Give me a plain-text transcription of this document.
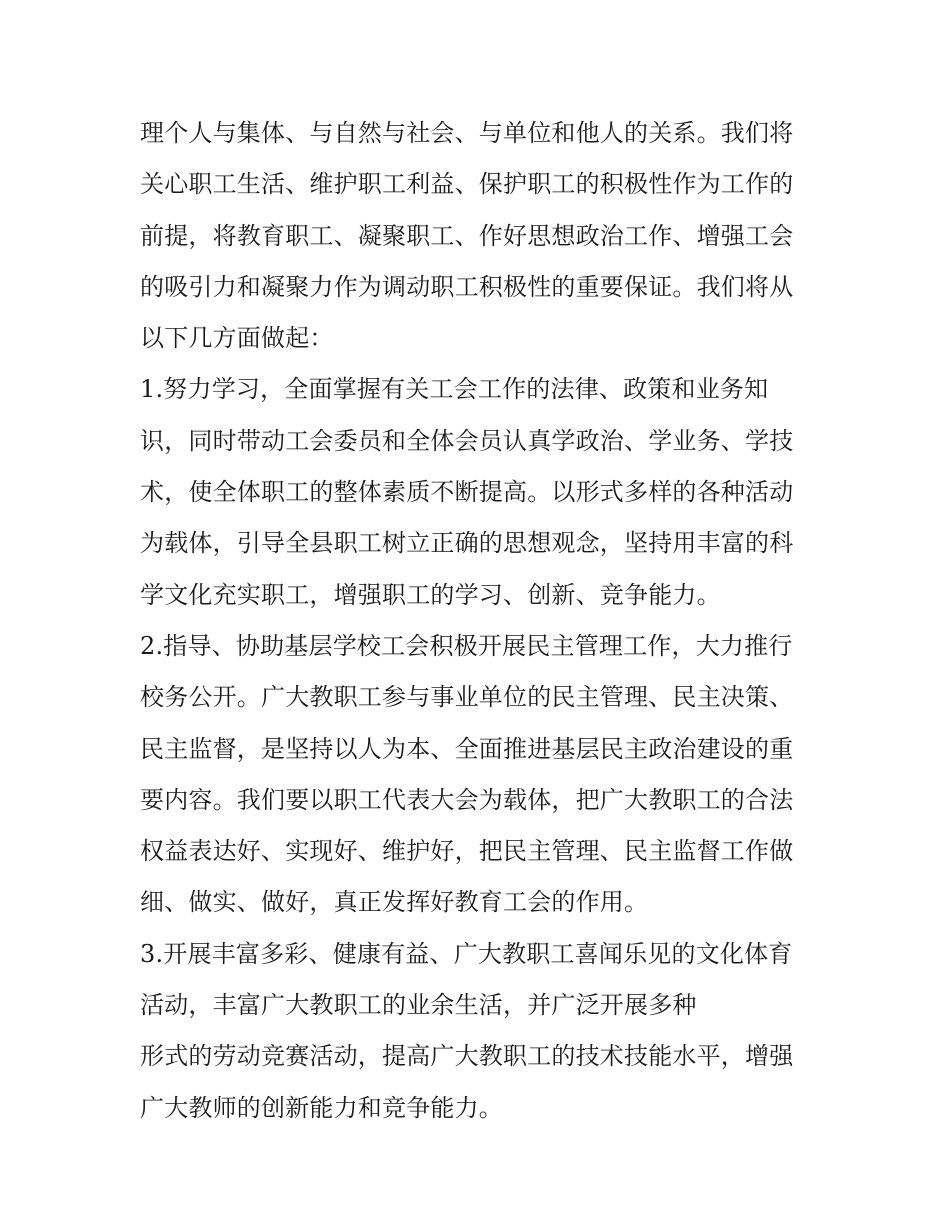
理个人与集体、与自然与社会、与单位和他人的关系。我们将
关心职工生活、维护职工利益、保护职工的积极性作为工作的
前提，将教育职工、凝聚职工、作好思想政治工作、增强工会
的吸引力和凝聚力作为调动职工积极性的重要保证。我们将从
以下几方面做起：
1.努力学习，全面掌握有关工会工作的法律、政策和业务知
识，同时带动工会委员和全体会员认真学政治、学业务、学技
术，使全体职工的整体素质不断提高。以形式多样的各种活动
为载体，引导全县职工树立正确的思想观念，坚持用丰富的科
学文化充实职工，增强职工的学习、创新、竞争能力。
2.指导、协助基层学校工会积极开展民主管理工作，大力推行
校务公开。广大教职工参与事业单位的民主管理、民主决策、
民主监督，是坚持以人为本、全面推进基层民主政治建设的重
要内容。我们要以职工代表大会为载体，把广大教职工的合法
权益表达好、实现好、维护好，把民主管理、民主监督工作做
细、做实、做好，真正发挥好教育工会的作用。
3.开展丰富多彩、健康有益、广大教职工喜闻乐见的文化体育
活动，丰富广大教职工的业余生活，并广泛开展多种
形式的劳动竞赛活动，提高广大教职工的技术技能水平，增强
广大教师的创新能力和竞争能力。
